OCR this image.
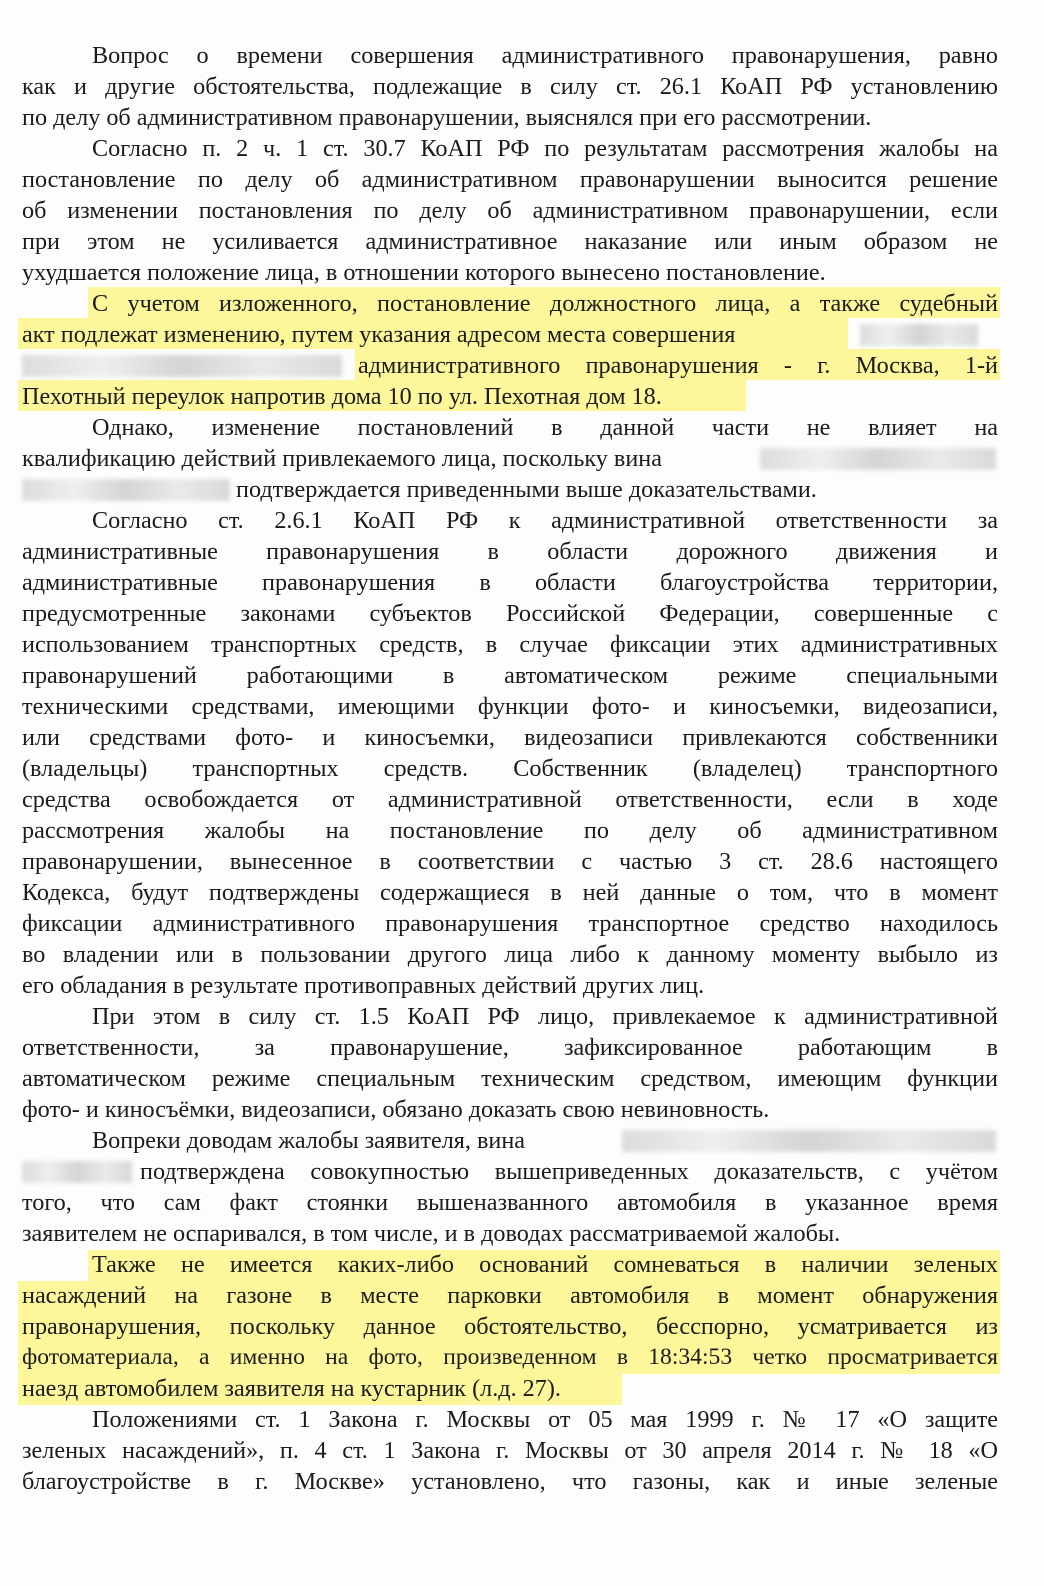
Вопрос о времени совершения административного правонарушения, равно
как и другие обстоятельства, подлежащие в силу ст. 26.1 КоАП РФ установлению
по делу об административном правонарушении, выяснялся при его рассмотрении.
Согласно п. 2 ч. 1 ст. 30.7 КоАП РФ по результатам рассмотрения жалобы на
постановление по делу об административном правонарушении выносится решение
об изменении постановления по делу об административном правонарушении, если
при этом не усиливается административное наказание или иным образом не
ухудшается положение лица, в отношении которого вынесено постановление.
С учетом изложенного, постановление должностного лица, а также судебный
акт подлежат изменению, путем указания адресом места совершения
административного правонарушения - г. Москва, 1-й
Пехотный переулок напротив дома 10 по ул. Пехотная дом 18.
Однако, изменение постановлений в данной части не влияет на
квалификацию действий привлекаемого лица, поскольку вина
подтверждается приведенными выше доказательствами.
Согласно ст. 2.6.1 КоАП РФ к административной ответственности за
административные правонарушения в области дорожного движения и
административные правонарушения в области благоустройства территории,
предусмотренные законами субъектов Российской Федерации, совершенные с
использованием транспортных средств, в случае фиксации этих административных
правонарушений работающими в автоматическом режиме специальными
техническими средствами, имеющими функции фото- и киносъемки, видеозаписи,
или средствами фото- и киносъемки, видеозаписи привлекаются собственники
(владельцы) транспортных средств. Собственник (владелец) транспортного
средства освобождается от административной ответственности, если в ходе
рассмотрения жалобы на постановление по делу об административном
правонарушении, вынесенное в соответствии с частью 3 ст. 28.6 настоящего
Кодекса, будут подтверждены содержащиеся в ней данные о том, что в момент
фиксации административного правонарушения транспортное средство находилось
во владении или в пользовании другого лица либо к данному моменту выбыло из
его обладания в результате противоправных действий других лиц.
При этом в силу ст. 1.5 КоАП РФ лицо, привлекаемое к административной
ответственности, за правонарушение, зафиксированное работающим в
автоматическом режиме специальным техническим средством, имеющим функции
фото- и киносъёмки, видеозаписи, обязано доказать свою невиновность.
Вопреки доводам жалобы заявителя, вина
подтверждена совокупностью вышеприведенных доказательств, с учётом
того, что сам факт стоянки вышеназванного автомобиля в указанное время
заявителем не оспаривался, в том числе, и в доводах рассматриваемой жалобы.
Также не имеется каких-либо оснований сомневаться в наличии зеленых
насаждений на газоне в месте парковки автомобиля в момент обнаружения
правонарушения, поскольку данное обстоятельство, бесспорно, усматривается из
фотоматериала, а именно на фото, произведенном в 18:34:53 четко просматривается
наезд автомобилем заявителя на кустарник (л.д. 27).
Положениями ст. 1 Закона г. Москвы от 05 мая 1999 г. № 17 «О защите
зеленых насаждений», п. 4 ст. 1 Закона г. Москвы от 30 апреля 2014 г. № 18 «О
благоустройстве в г. Москве» установлено, что газоны, как и иные зеленые
